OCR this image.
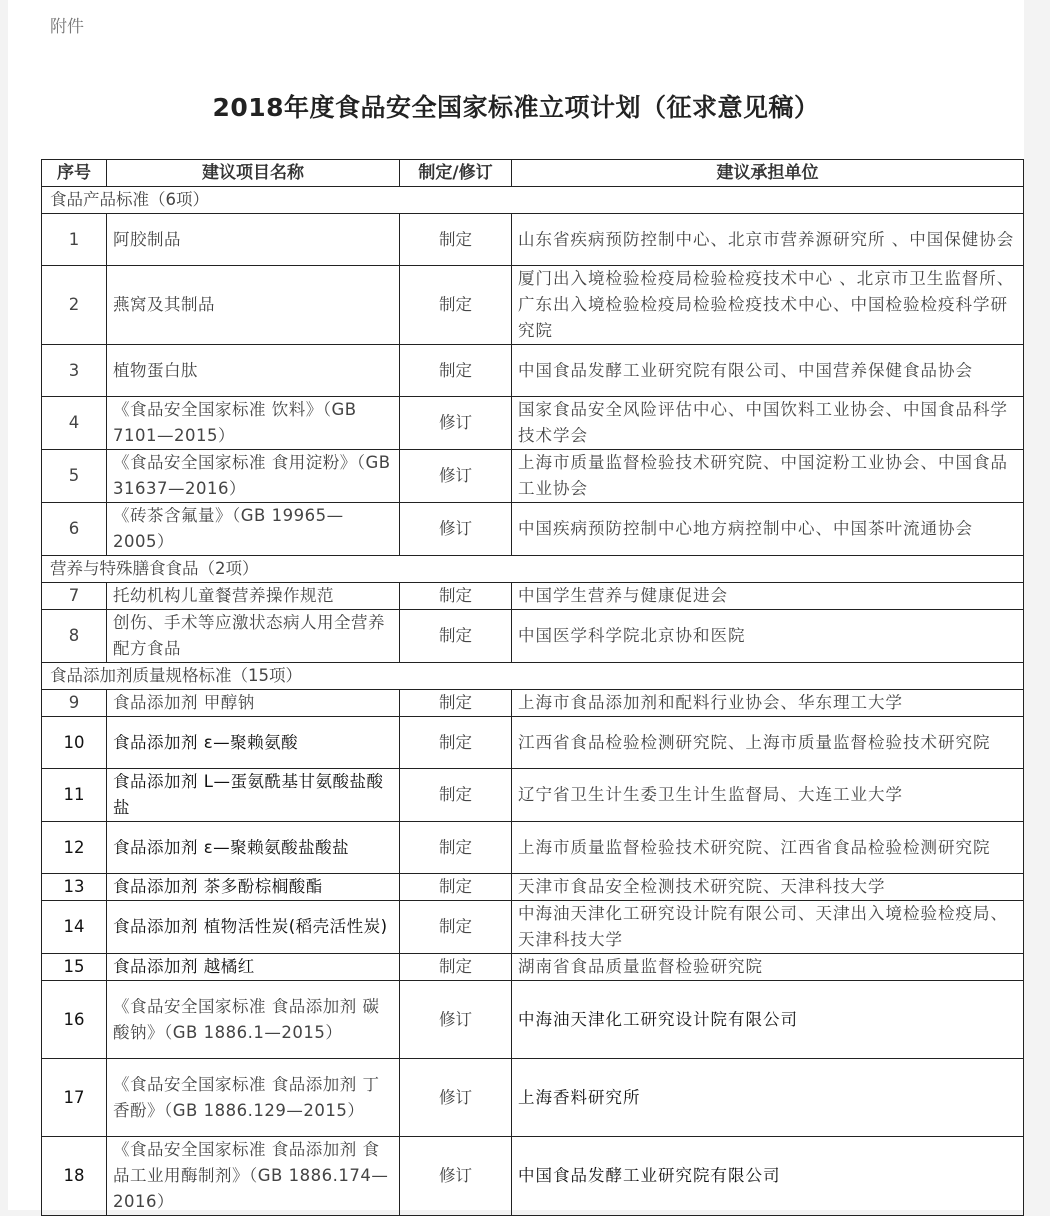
附件
2018年度食品安全国家标准立项计划（征求意见稿）
序号	建议项目名称	制定/修订	建议承担单位
食品产品标准（6项）			
1	阿胶制品	制定	山东省疾病预防控制中心、北京市营养源研究所 、中国保健协会
2	燕窝及其制品	制定	厦门出入境检验检疫局检验检疫技术中心 、北京市卫生监督所、广东出入境检验检疫局检验检疫技术中心、中国检验检疫科学研究院
3	植物蛋白肽	制定	中国食品发酵工业研究院有限公司、中国营养保健食品协会
4	《食品安全国家标准 饮料》（GB 7101—2015）	修订	国家食品安全风险评估中心、中国饮料工业协会、中国食品科学技术学会
5	《食品安全国家标准 食用淀粉》（GB 31637—2016）	修订	上海市质量监督检验技术研究院、中国淀粉工业协会、中国食品工业协会
6	《砖茶含氟量》（GB 19965—2005）	修订	中国疾病预防控制中心地方病控制中心、中国茶叶流通协会
营养与特殊膳食食品（2项）			
7	托幼机构儿童餐营养操作规范	制定	中国学生营养与健康促进会
8	创伤、手术等应激状态病人用全营养配方食品	制定	中国医学科学院北京协和医院
食品添加剂质量规格标准（15项）			
9	食品添加剂 甲醇钠	制定	上海市食品添加剂和配料行业协会、华东理工大学
10	食品添加剂 ε—聚赖氨酸	制定	江西省食品检验检测研究院、上海市质量监督检验技术研究院
11	食品添加剂 L—蛋氨酰基甘氨酸盐酸盐	制定	辽宁省卫生计生委卫生计生监督局、大连工业大学
12	食品添加剂 ε—聚赖氨酸盐酸盐	制定	上海市质量监督检验技术研究院、江西省食品检验检测研究院
13	食品添加剂 茶多酚棕榈酸酯	制定	天津市食品安全检测技术研究院、天津科技大学
14	食品添加剂 植物活性炭(稻壳活性炭)	制定	中海油天津化工研究设计院有限公司、天津出入境检验检疫局、天津科技大学
15	食品添加剂 越橘红	制定	湖南省食品质量监督检验研究院
16	《食品安全国家标准 食品添加剂 碳酸钠》（GB 1886.1—2015）	修订	中海油天津化工研究设计院有限公司
17	《食品安全国家标准 食品添加剂 丁香酚》（GB 1886.129—2015）	修订	上海香料研究所
18	《食品安全国家标准 食品添加剂 食品工业用酶制剂》（GB 1886.174—2016）	修订	中国食品发酵工业研究院有限公司
